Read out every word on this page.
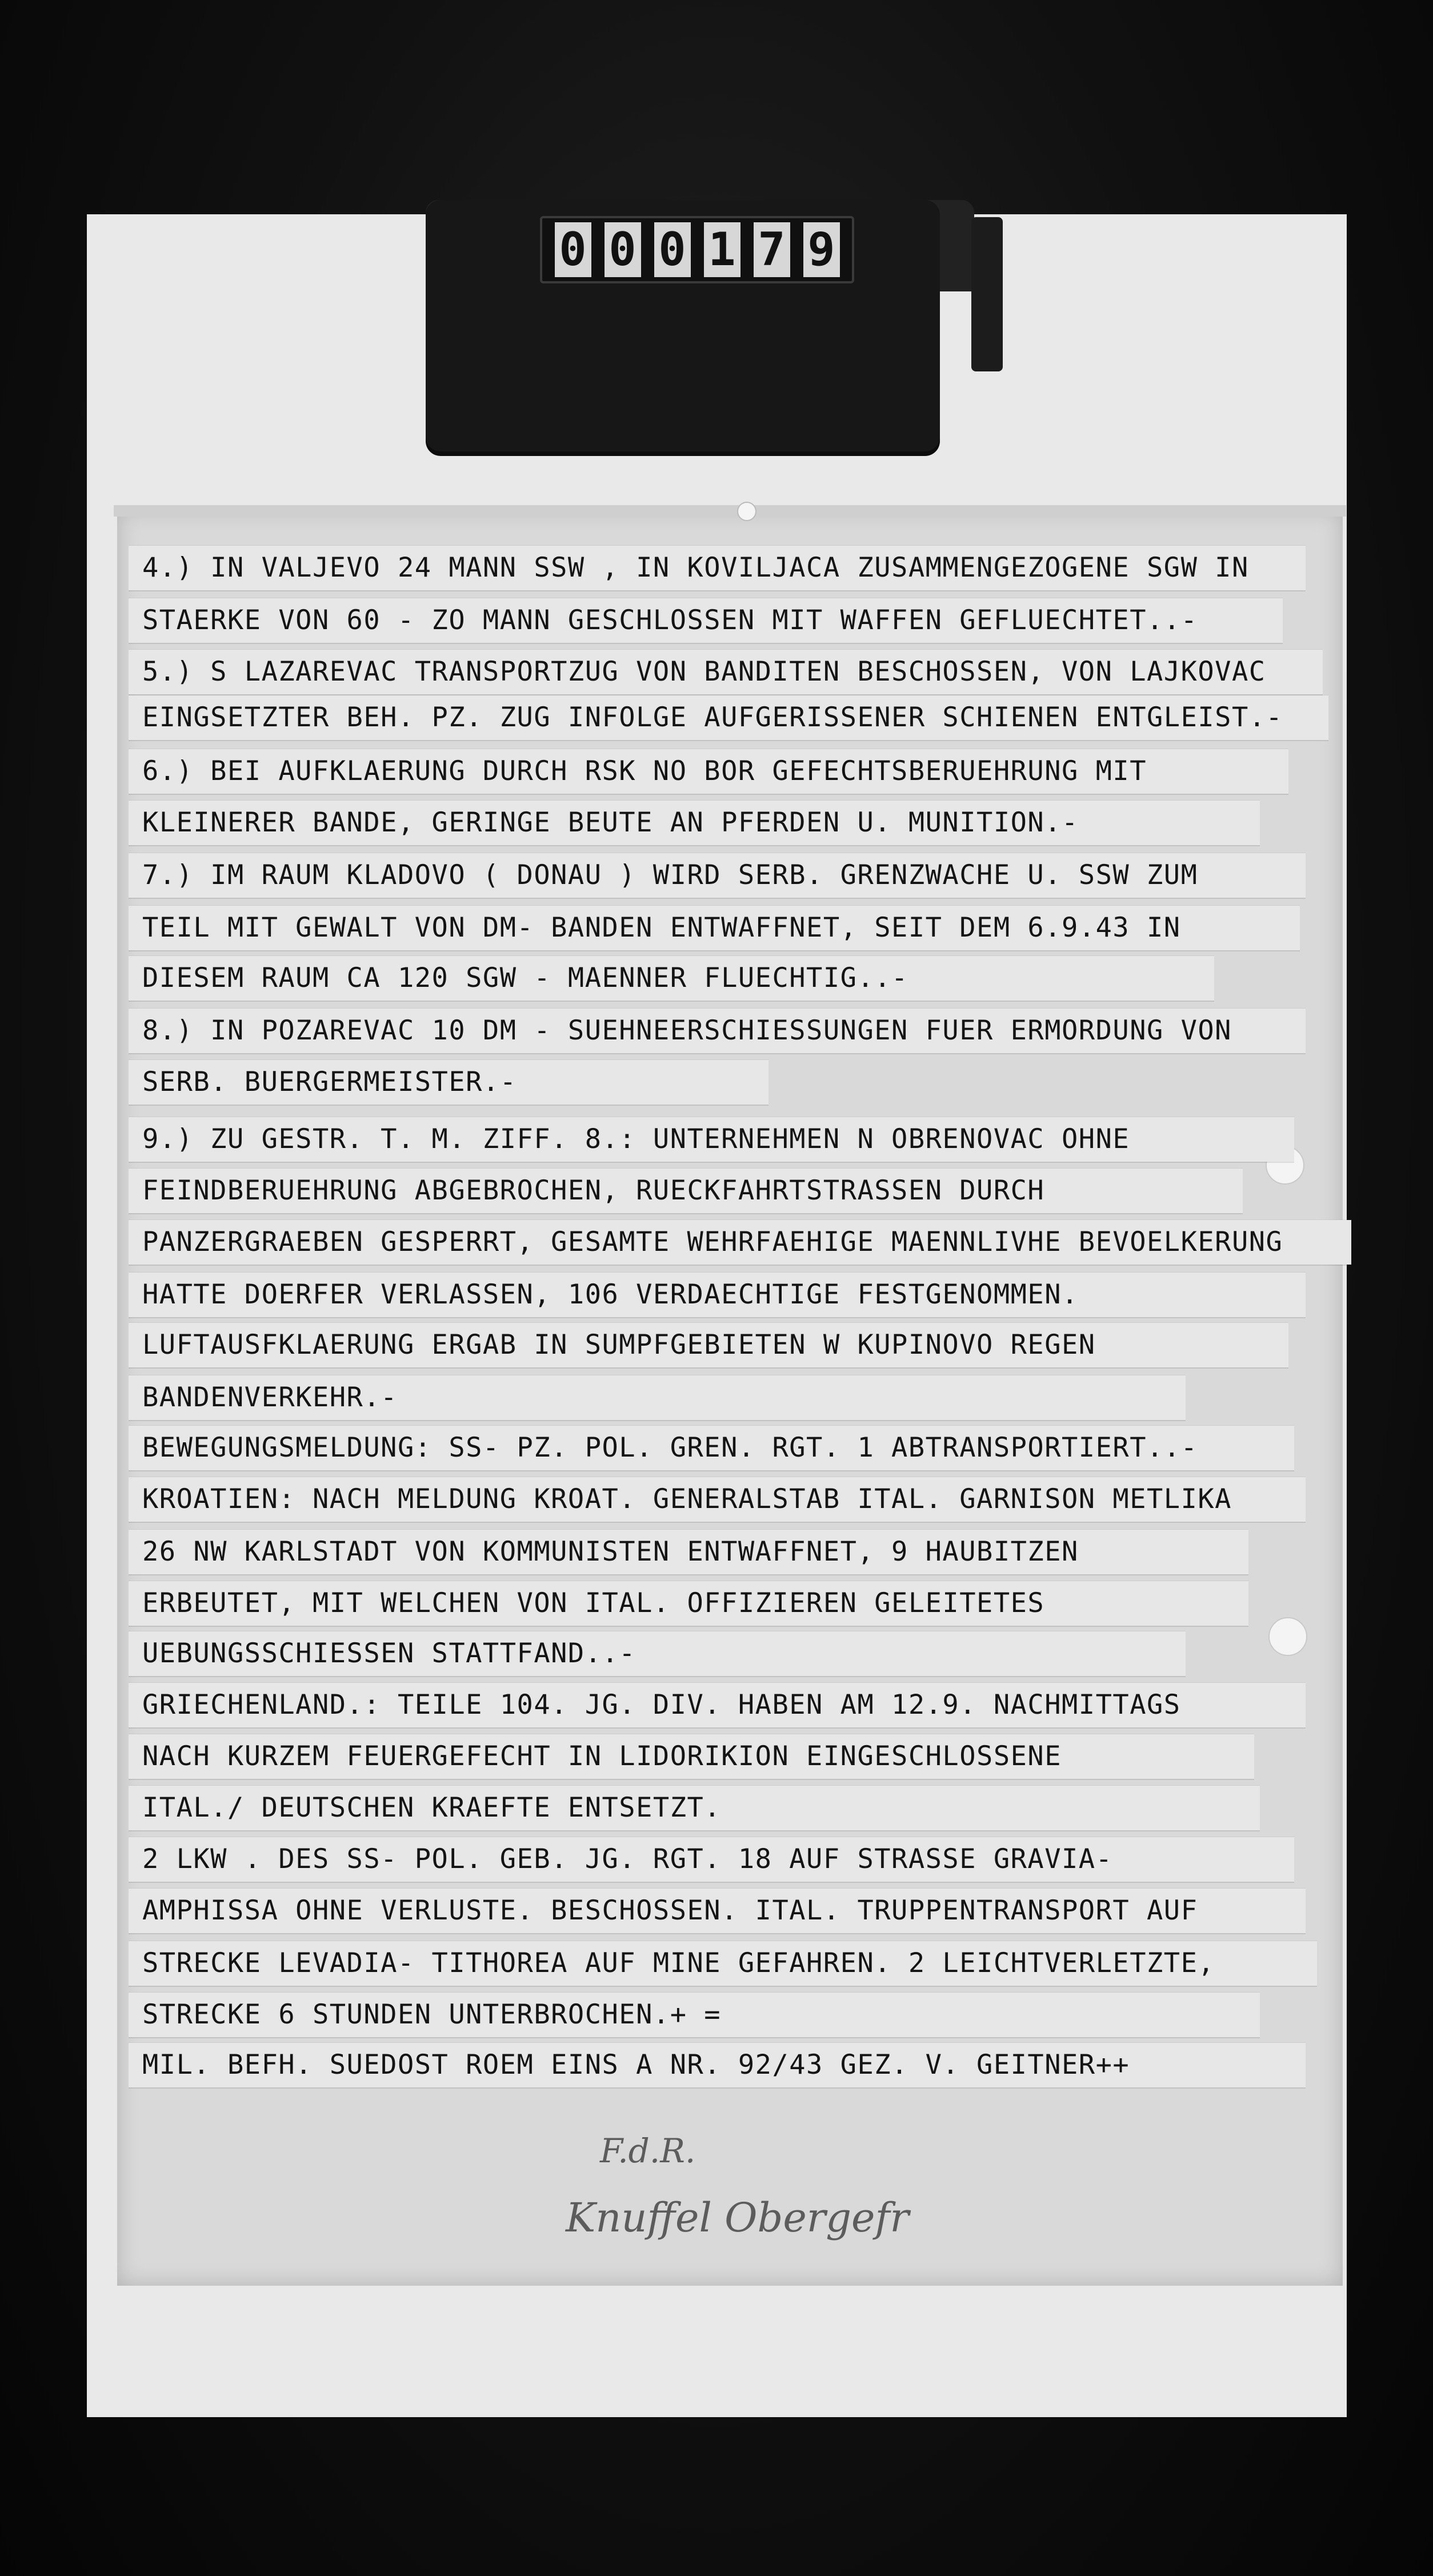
0 0 0 1 7 9
4.) IN VALJEVO 24 MANN SSW , IN KOVILJACA ZUSAMMENGEZOGENE SGW IN
STAERKE VON 60 - ZO MANN GESCHLOSSEN MIT WAFFEN GEFLUECHTET..-
5.) S LAZAREVAC TRANSPORTZUG VON BANDITEN BESCHOSSEN, VON LAJKOVAC
EINGSETZTER BEH. PZ. ZUG INFOLGE AUFGERISSENER SCHIENEN ENTGLEIST.-
6.) BEI AUFKLAERUNG DURCH RSK NO BOR GEFECHTSBERUEHRUNG MIT
KLEINERER BANDE, GERINGE BEUTE AN PFERDEN U. MUNITION.-
7.) IM RAUM KLADOVO ( DONAU ) WIRD SERB. GRENZWACHE U. SSW ZUM
TEIL MIT GEWALT VON DM- BANDEN ENTWAFFNET, SEIT DEM 6.9.43 IN
DIESEM RAUM CA 120 SGW - MAENNER FLUECHTIG..-
8.) IN POZAREVAC 10 DM - SUEHNEERSCHIESSUNGEN FUER ERMORDUNG VON
SERB. BUERGERMEISTER.-
9.) ZU GESTR. T. M. ZIFF. 8.: UNTERNEHMEN N OBRENOVAC OHNE
FEINDBERUEHRUNG ABGEBROCHEN, RUECKFAHRTSTRASSEN DURCH
PANZERGRAEBEN GESPERRT, GESAMTE WEHRFAEHIGE MAENNLIVHE BEVOELKERUNG
HATTE DOERFER VERLASSEN, 106 VERDAECHTIGE FESTGENOMMEN.
LUFTAUSFKLAERUNG ERGAB IN SUMPFGEBIETEN W KUPINOVO REGEN
BANDENVERKEHR.-
BEWEGUNGSMELDUNG: SS- PZ. POL. GREN. RGT. 1 ABTRANSPORTIERT..-
KROATIEN: NACH MELDUNG KROAT. GENERALSTAB ITAL. GARNISON METLIKA
26 NW KARLSTADT VON KOMMUNISTEN ENTWAFFNET, 9 HAUBITZEN
ERBEUTET, MIT WELCHEN VON ITAL. OFFIZIEREN GELEITETES
UEBUNGSSCHIESSEN STATTFAND..-
GRIECHENLAND.: TEILE 104. JG. DIV. HABEN AM 12.9. NACHMITTAGS
NACH KURZEM FEUERGEFECHT IN LIDORIKION EINGESCHLOSSENE
ITAL./ DEUTSCHEN KRAEFTE ENTSETZT.
2 LKW . DES SS- POL. GEB. JG. RGT. 18 AUF STRASSE GRAVIA-
AMPHISSA OHNE VERLUSTE. BESCHOSSEN. ITAL. TRUPPENTRANSPORT AUF
STRECKE LEVADIA- TITHOREA AUF MINE GEFAHREN. 2 LEICHTVERLETZTE,
STRECKE 6 STUNDEN UNTERBROCHEN.+ =
MIL. BEFH. SUEDOST ROEM EINS A NR. 92/43 GEZ. V. GEITNER++
F.d.R.
Knuffel Obergefr
